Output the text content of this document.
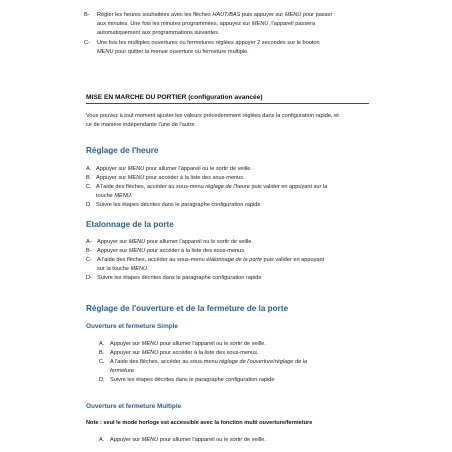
B- Régler les heures souhaitées avec les flèches HAUT/BAS puis appuyer sur MENU pour passer
aux minutes. Une fois les minutes programmées, appuyez sur MENU, l'appareil passera
automatiquement aux programmations suivantes.
C- Une fois les multiples ouvertures ou fermetures réglées appuyer 2 secondes sur le bouton
MENU pour quitter la menue ouverture ou fermeture multiple.
MISE EN MARCHE DU PORTIER (configuration avancée)
Vous pouvez à tout moment ajuster les valeurs précedemment réglées dans la configuration rapide, et
ce de manière indépendante l'une de l'autre.
Réglage de l'heure
A. Appuyer sur MENU pour allumer l'appareil ou le sortir de veille.
B. Appuyer sur MENU pour accéder à la liste des sous-menus.
C. A l'aide des flèches, accéder au sous-menu réglage de l'heure puis valider en appuyant sur la
touche MENU.
D. Suivre les étapes décrites dans le paragraphe configuration rapide
Etalonnage de la porte
A- Appuyer sur MENU pour allumer l'appareil ou le sortir de veille.
B- Appuyer sur MENU pour accéder à la liste des sous-menus.
C- A l'aide des flèches, accéder au sous-menu étalonnage de la porte puis valider en appuyant
sur la touche MENU.
D- Suivre les étapes décrites dans le paragraphe configuration rapide
Réglage de l'ouverture et de la fermeture de la porte
Ouverture et fermeture Simple
A. Appuyer sur MENU pour allumer l'appareil ou le sortir de veille.
B. Appuyer sur MENU pour accéder à la liste des sous-menus.
C. A l'aide des flèches, accéder au sous-menu réglage de l'ouverture/réglage de la
fermeture
D. Suivre les étapes décrites dans le paragraphe configuration rapide
Ouverture et fermeture Multiple
Note : seul le mode horloge est accessible avec la fonction multi ouverture/fermeture
A. Appuyer sur MENU pour allumer l'appareil ou le sortir de veille.
